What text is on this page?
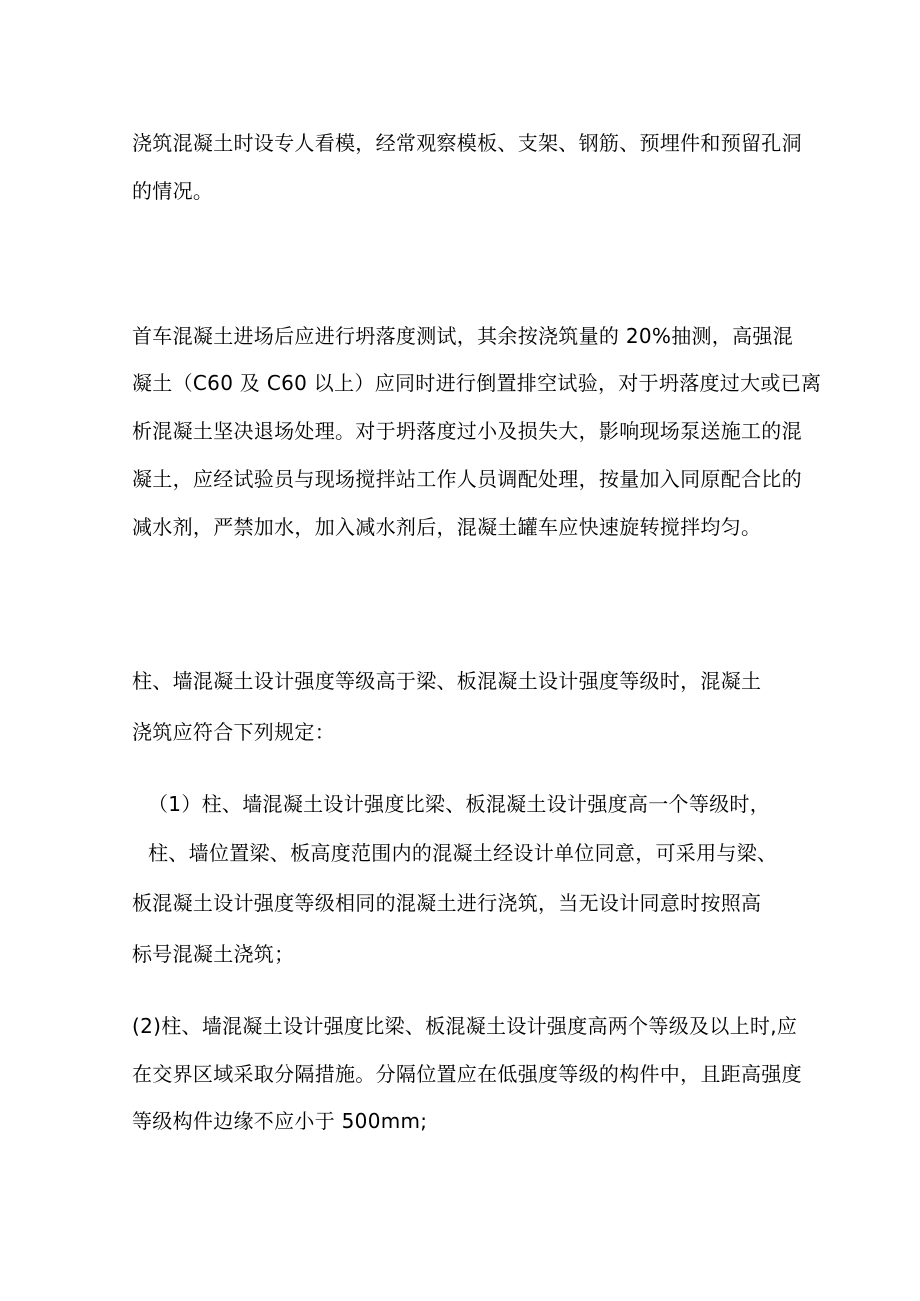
浇筑混凝土时设专人看模，经常观察模板、支架、钢筋、预埋件和预留孔洞
的情况。
首车混凝土进场后应进行坍落度测试，其余按浇筑量的 20%抽测，高强混
凝土（C60 及 C60 以上）应同时进行倒置排空试验，对于坍落度过大或已离
析混凝土坚决退场处理。对于坍落度过小及损失大，影响现场泵送施工的混
凝土，应经试验员与现场搅拌站工作人员调配处理，按量加入同原配合比的
减水剂，严禁加水，加入减水剂后，混凝土罐车应快速旋转搅拌均匀。
柱、墙混凝土设计强度等级高于梁、板混凝土设计强度等级时，混凝土
浇筑应符合下列规定：
（1）柱、墙混凝土设计强度比梁、板混凝土设计强度高一个等级时，
柱、墙位置梁、板高度范围内的混凝土经设计单位同意，可采用与梁、
板混凝土设计强度等级相同的混凝土进行浇筑，当无设计同意时按照高
标号混凝土浇筑；
(2)柱、墙混凝土设计强度比梁、板混凝土设计强度高两个等级及以上时,应
在交界区域采取分隔措施。分隔位置应在低强度等级的构件中，且距高强度
等级构件边缘不应小于 500mm;
